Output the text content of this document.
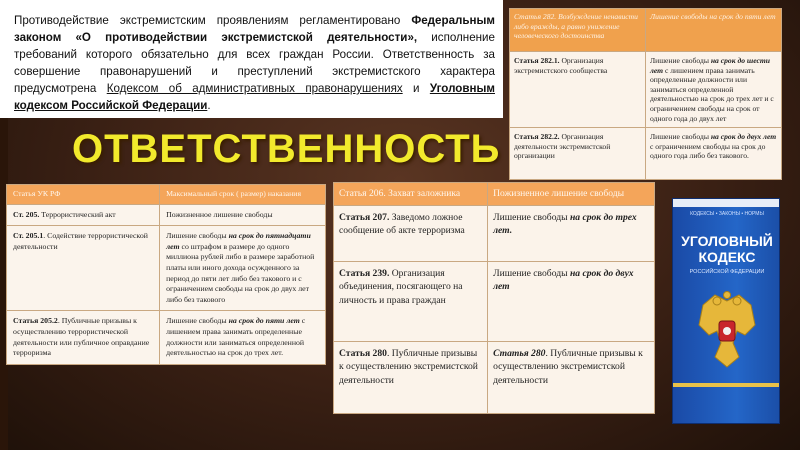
Противодействие экстремистским проявлениям регламентировано Федеральным законом «О противодействии экстремистской деятельности», исполнение требований которого обязательно для всех граждан России. Ответственность за совершение правонарушений и преступлений экстремистского характера предусмотрена Кодексом об административных правонарушениях и Уголовным кодексом Российской Федерации.
ОТВЕТСТВЕННОСТЬ
Статья 282. Возбуждение ненависти либо вражды, а равно унижение человеческого достоинства	Лишение свободы на срок до пяти лет
Статья 282.1. Организация экстремистского сообщества	Лишение свободы на срок до шести лет с лишением права занимать определенные должности или заниматься определенной деятельностью на срок до трех лет и с ограничением свободы на срок от одного года до двух лет
Статья 282.2. Организация деятельности экстремистской организации	Лишение свободы на срок до двух лет с ограничением свободы на срок до одного года либо без такового.
Статья УК РФ	Максимальный срок ( размер) наказания
Ст. 205. Террористический акт	Пожизненное лишение свободы
Ст. 205.1. Содействие террористической деятельности	Лишение свободы на срок до пятнадцати лет со штрафом в размере до одного миллиона рублей либо в размере заработной платы или иного дохода осужденного за период до пяти лет либо без такового и с ограничением свободы на срок до двух лет либо без такового
Статья 205.2. Публичные призывы к осуществлению террористической деятельности или публичное оправдание терроризма	Лишение свободы на срок до пяти лет с лишением права занимать определенные должности или заниматься определенной деятельностью на срок до трех лет.
Статья 206. Захват заложника	Пожизненное лишение свободы
Статья 207. Заведомо ложное сообщение об акте терроризма	Лишение свободы на срок до трех лет.
Статья 239. Организация объединения, посягающего на личность и права граждан	Лишение свободы на срок до двух лет
Статья 280. Публичные призывы к осуществлению экстремистской деятельности	Статья 280. Публичные призывы к осуществлению экстремистской деятельности
КОДЕКСЫ • ЗАКОНЫ • НОРМЫ
УГОЛОВНЫЙ
КОДЕКС
РОССИЙСКОЙ ФЕДЕРАЦИИ
